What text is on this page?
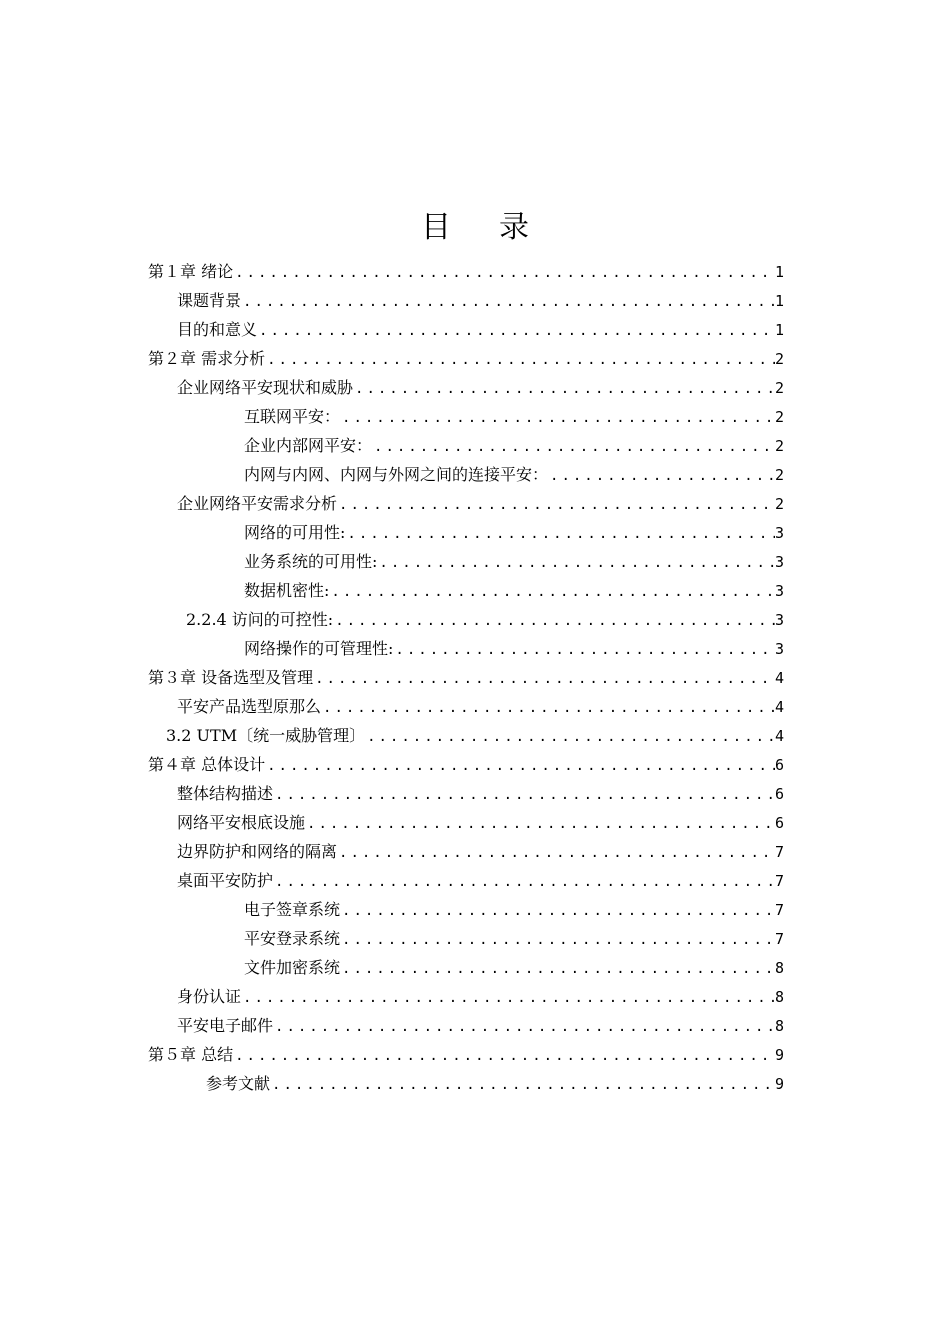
目录
第１章 绪论 .....	1
课题背景 .....	1
目的和意义 .....	1
第２章 需求分析 .....	2
企业网络平安现状和威胁 .....	2
互联网平安： .....	2
企业内部网平安： .....	2
内网与内网、内网与外网之间的连接平安： .....	2
企业网络平安需求分析 .....	2
网络的可用性: .....	3
业务系统的可用性: .....	3
数据机密性: .....	3
2.2.4 访问的可控性: .....	3
网络操作的可管理性: .....	3
第３章 设备选型及管理 .....	4
平安产品选型原那么 .....	4
3.2 UTM〔统一威胁管理〕 .....	4
第４章 总体设计 .....	6
整体结构描述 .....	6
网络平安根底设施 .....	6
边界防护和网络的隔离 .....	7
桌面平安防护 .....	7
电子签章系统 .....	7
平安登录系统 .....	7
文件加密系统 .....	8
身份认证 .....	8
平安电子邮件 .....	8
第５章 总结 .....	9
参考文献 .....	9
